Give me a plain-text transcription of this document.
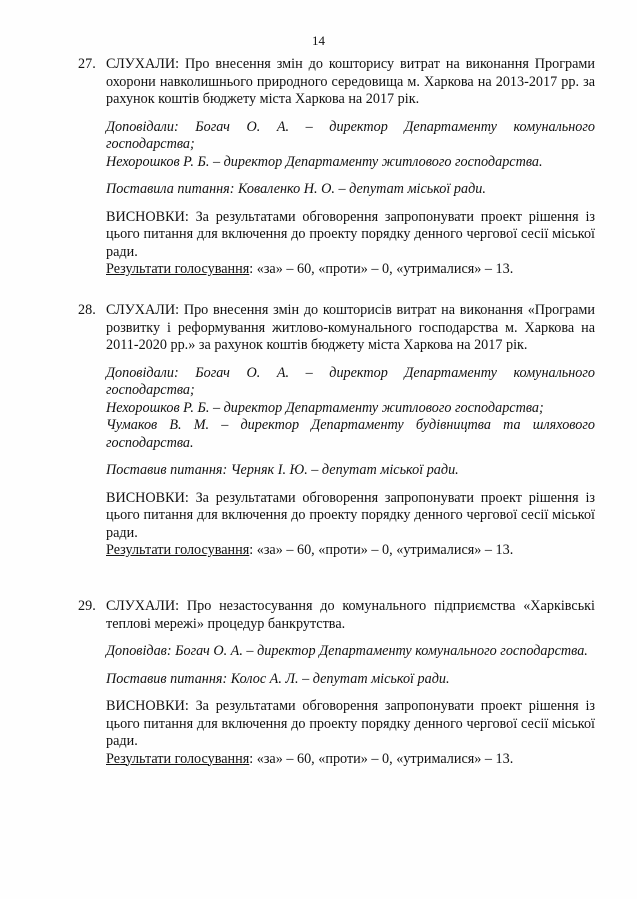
14
27. СЛУХАЛИ: Про внесення змін до кошторису витрат на виконання Програми охорони навколишнього природного середовища м. Харкова на 2013-2017 рр. за рахунок коштів бюджету міста Харкова на 2017 рік.
Доповідали: Богач О. А. – директор Департаменту комунального господарства;
Нехорошков Р. Б. – директор Департаменту житлового господарства.
Поставила питання: Коваленко Н. О. – депутат міської ради.
ВИСНОВКИ: За результатами обговорення запропонувати проект рішення із цього питання для включення до проекту порядку денного чергової сесії міської ради.
Результати голосування: «за» – 60, «проти» – 0, «утрималися» – 13.
28. СЛУХАЛИ: Про внесення змін до кошторисів витрат на виконання «Програми розвитку і реформування житлово-комунального господарства м. Харкова на 2011-2020 рр.» за рахунок коштів бюджету міста Харкова на 2017 рік.
Доповідали: Богач О. А. – директор Департаменту комунального господарства;
Нехорошков Р. Б. – директор Департаменту житлового господарства;
Чумаков В. М. – директор Департаменту будівництва та шляхового господарства.
Поставив питання: Черняк І. Ю. – депутат міської ради.
ВИСНОВКИ: За результатами обговорення запропонувати проект рішення із цього питання для включення до проекту порядку денного чергової сесії міської ради.
Результати голосування: «за» – 60, «проти» – 0, «утрималися» – 13.
29. СЛУХАЛИ: Про незастосування до комунального підприємства «Харківські теплові мережі» процедур банкрутства.
Доповідав: Богач О. А. – директор Департаменту комунального господарства.
Поставив питання: Колос А. Л. – депутат міської ради.
ВИСНОВКИ: За результатами обговорення запропонувати проект рішення із цього питання для включення до проекту порядку денного чергової сесії міської ради.
Результати голосування: «за» – 60, «проти» – 0, «утрималися» – 13.
